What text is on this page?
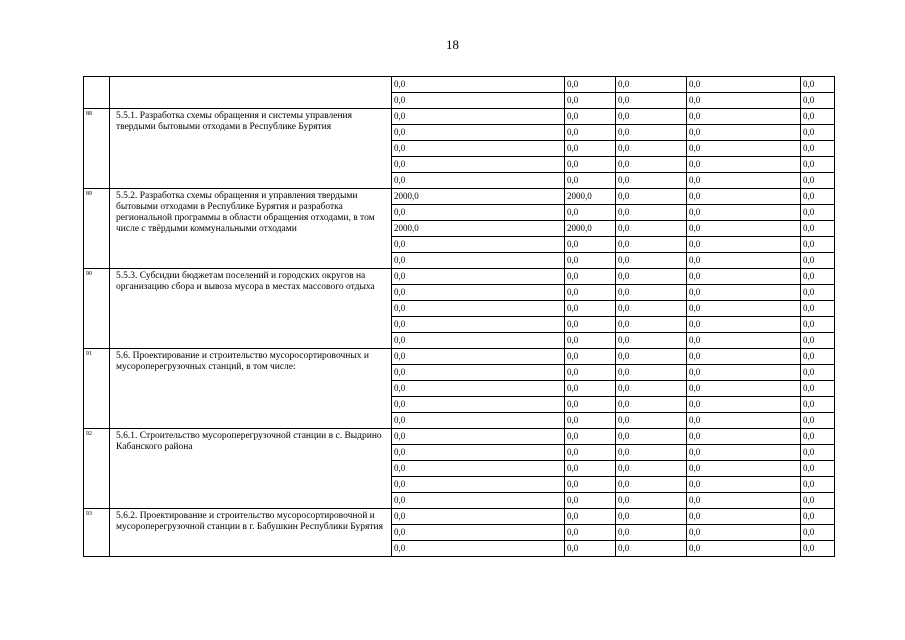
18
		0,0	0,0	0,0	0,0	0,0	
		0,0	0,0	0,0	0,0	0,0	
88	5.5.1. Разработка схемы обращения и системы управления твердыми бытовыми отходами в Республике Бурятия	0,0	0,0	0,0	0,0	0,0	
		0,0	0,0	0,0	0,0	0,0	
		0,0	0,0	0,0	0,0	0,0	
		0,0	0,0	0,0	0,0	0,0	
		0,0	0,0	0,0	0,0	0,0	
89	5.5.2. Разработка схемы обращения и управления твердыми бытовыми отходами в Республике Бурятия и разработка региональной программы в области обращения отходами, в том числе с твёрдыми коммунальными отходами	2000,0	2000,0	0,0	0,0	0,0	
		0,0	0,0	0,0	0,0	0,0	
		2000,0	2000,0	0,0	0,0	0,0	
		0,0	0,0	0,0	0,0	0,0	
		0,0	0,0	0,0	0,0	0,0	
90	5.5.3. Субсидии бюджетам поселений и городских округов на организацию сбора и вывоза мусора в местах массового отдыха	0,0	0,0	0,0	0,0	0,0	
		0,0	0,0	0,0	0,0	0,0	
		0,0	0,0	0,0	0,0	0,0	
		0,0	0,0	0,0	0,0	0,0	
		0,0	0,0	0,0	0,0	0,0	
91	5.6. Проектирование и строительство мусоросортировочных и мусороперегрузочных станций, в том числе:	0,0	0,0	0,0	0,0	0,0	
		0,0	0,0	0,0	0,0	0,0	
		0,0	0,0	0,0	0,0	0,0	
		0,0	0,0	0,0	0,0	0,0	
		0,0	0,0	0,0	0,0	0,0	
92	5.6.1. Строительство мусороперегрузочной станции в с. Выдрино Кабанского района	0,0	0,0	0,0	0,0	0,0	
		0,0	0,0	0,0	0,0	0,0	
		0,0	0,0	0,0	0,0	0,0	
		0,0	0,0	0,0	0,0	0,0	
		0,0	0,0	0,0	0,0	0,0	
93	5.6.2. Проектирование и строительство мусоросортировочной и мусороперегрузочной станции в г. Бабушкин Республики Бурятия	0,0	0,0	0,0	0,0	0,0	
		0,0	0,0	0,0	0,0	0,0	
		0,0	0,0	0,0	0,0	0,0	
